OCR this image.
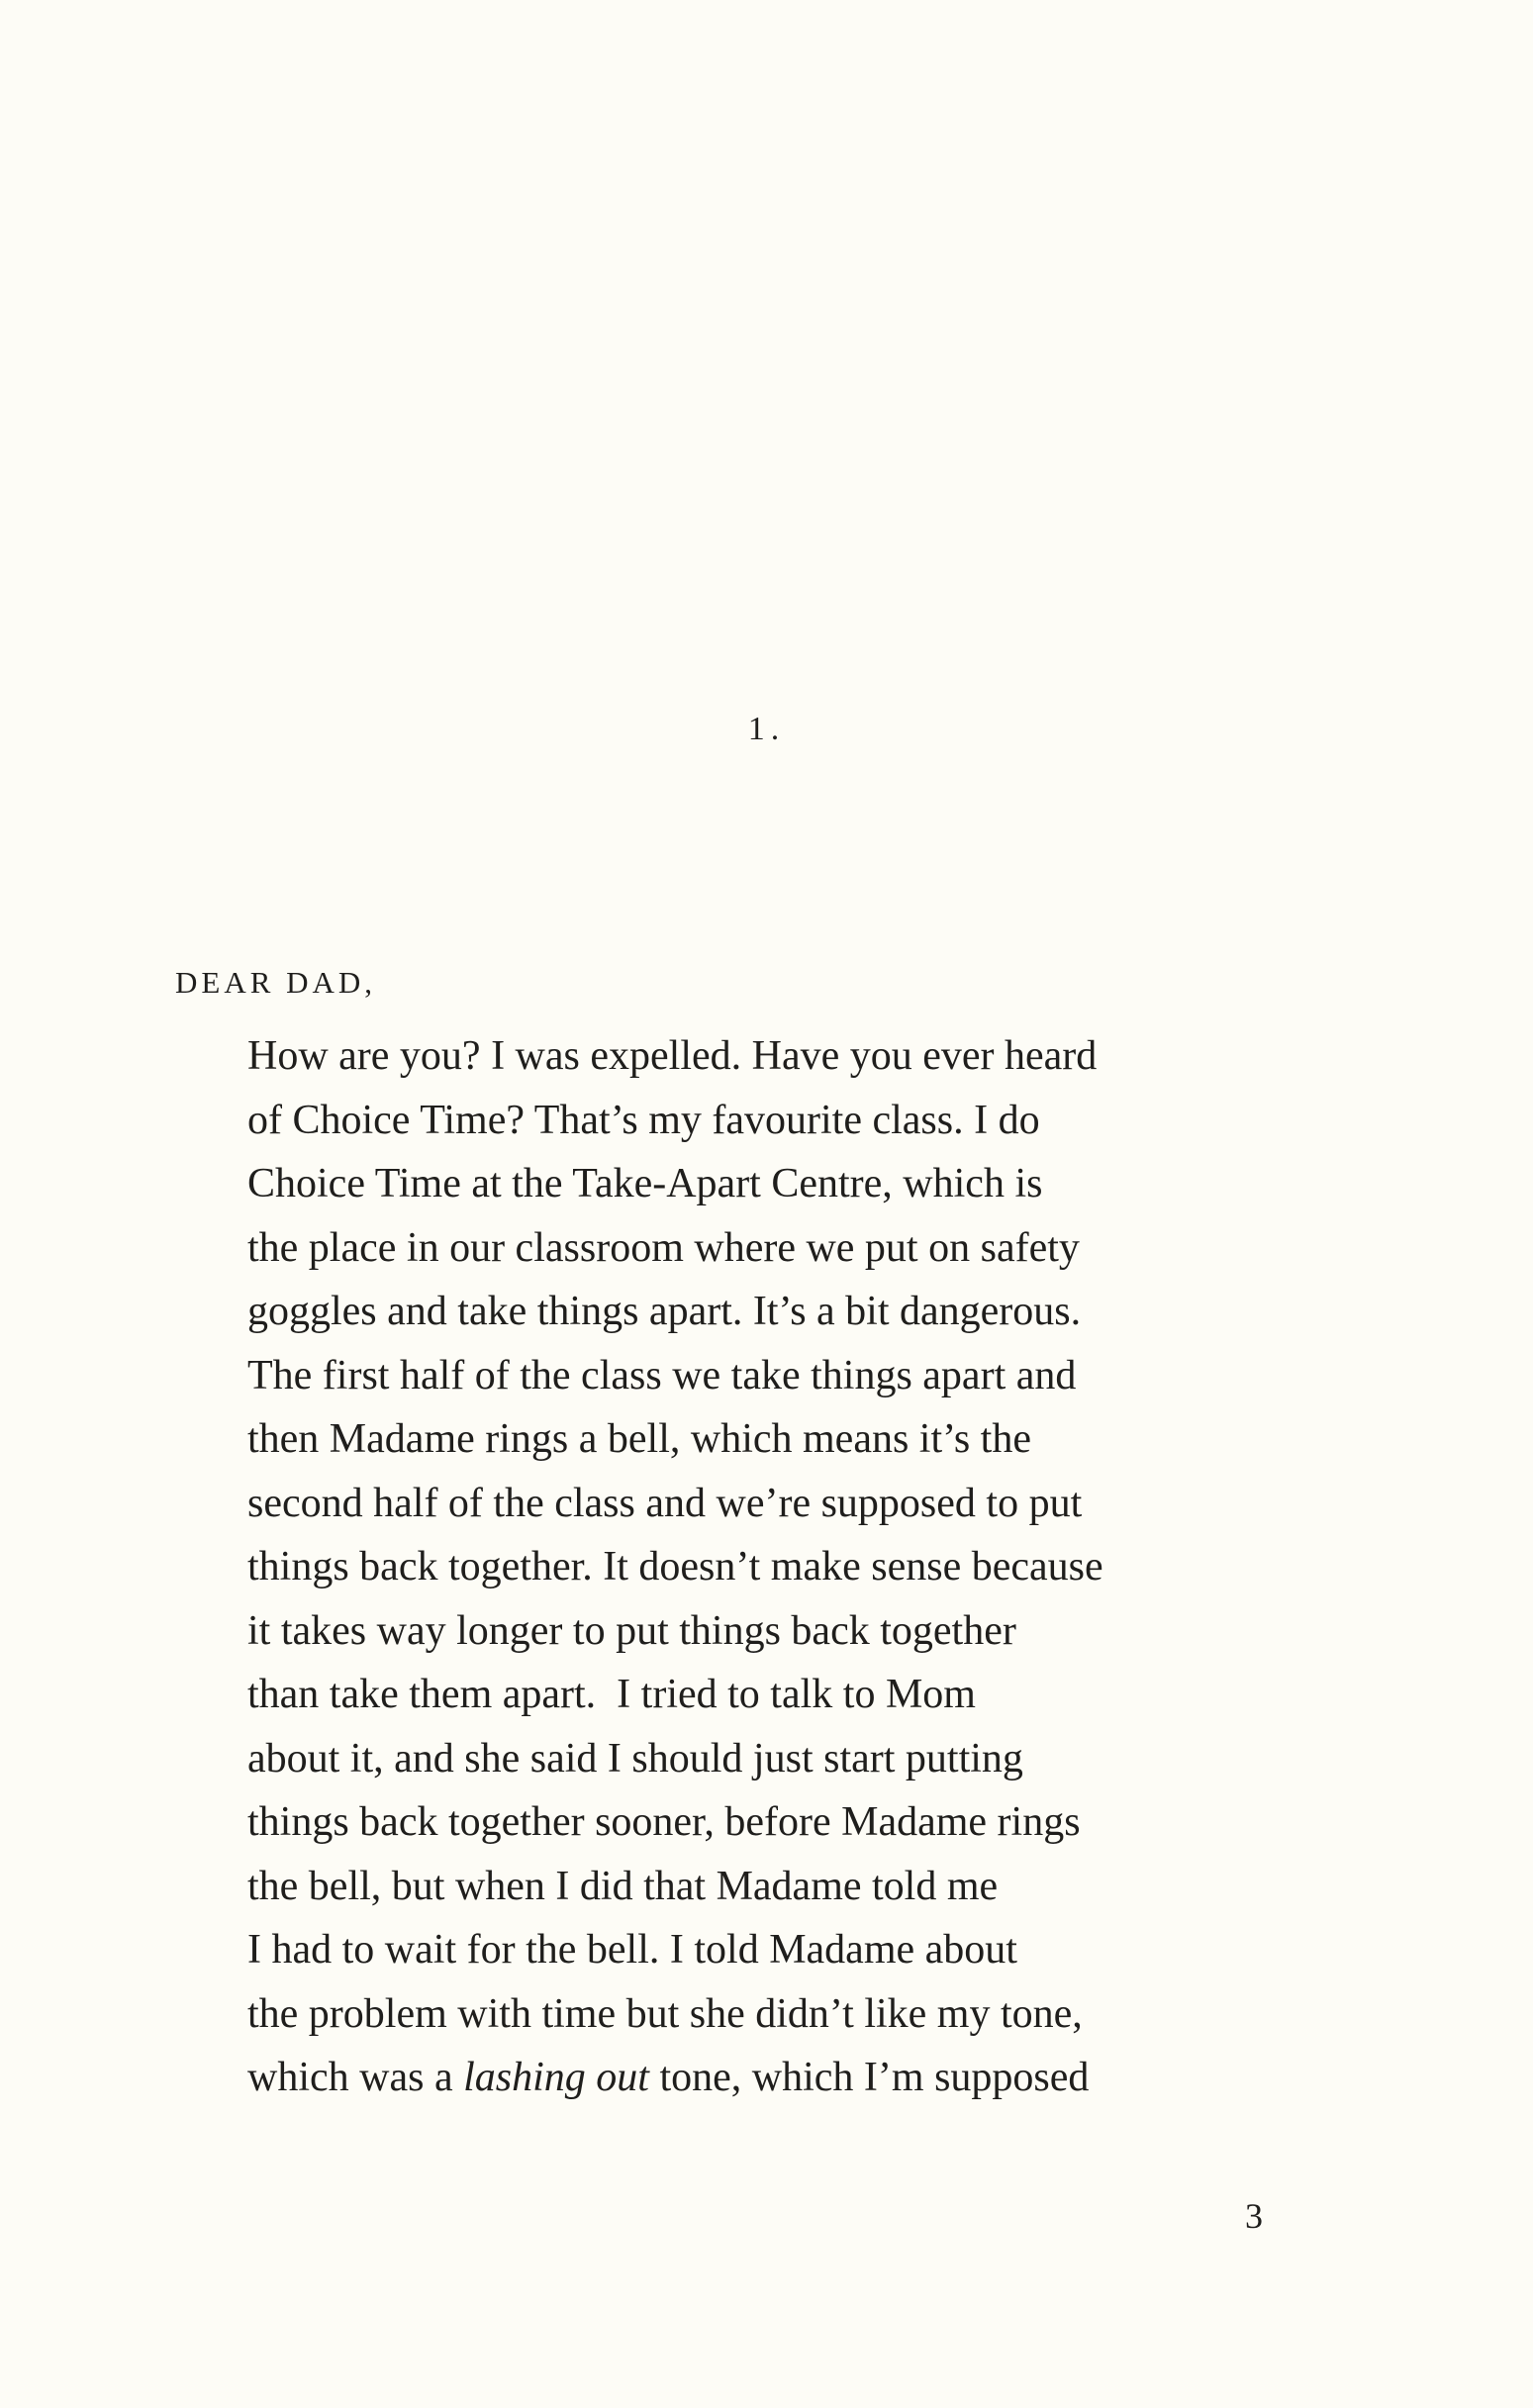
1.
DEAR DAD,
How are you? I was expelled. Have you ever heard
of Choice Time? That’s my favourite class. I do
Choice Time at the Take-Apart Centre, which is
the place in our classroom where we put on safety
goggles and take things apart. It’s a bit dangerous.
The first half of the class we take things apart and
then Madame rings a bell, which means it’s the
second half of the class and we’re supposed to put
things back together. It doesn’t make sense because
it takes way longer to put things back together
than take them apart.  I tried to talk to Mom
about it, and she said I should just start putting
things back together sooner, before Madame rings
the bell, but when I did that Madame told me
I had to wait for the bell. I told Madame about
the problem with time but she didn’t like my tone,
which was a lashing out tone, which I’m supposed
3
